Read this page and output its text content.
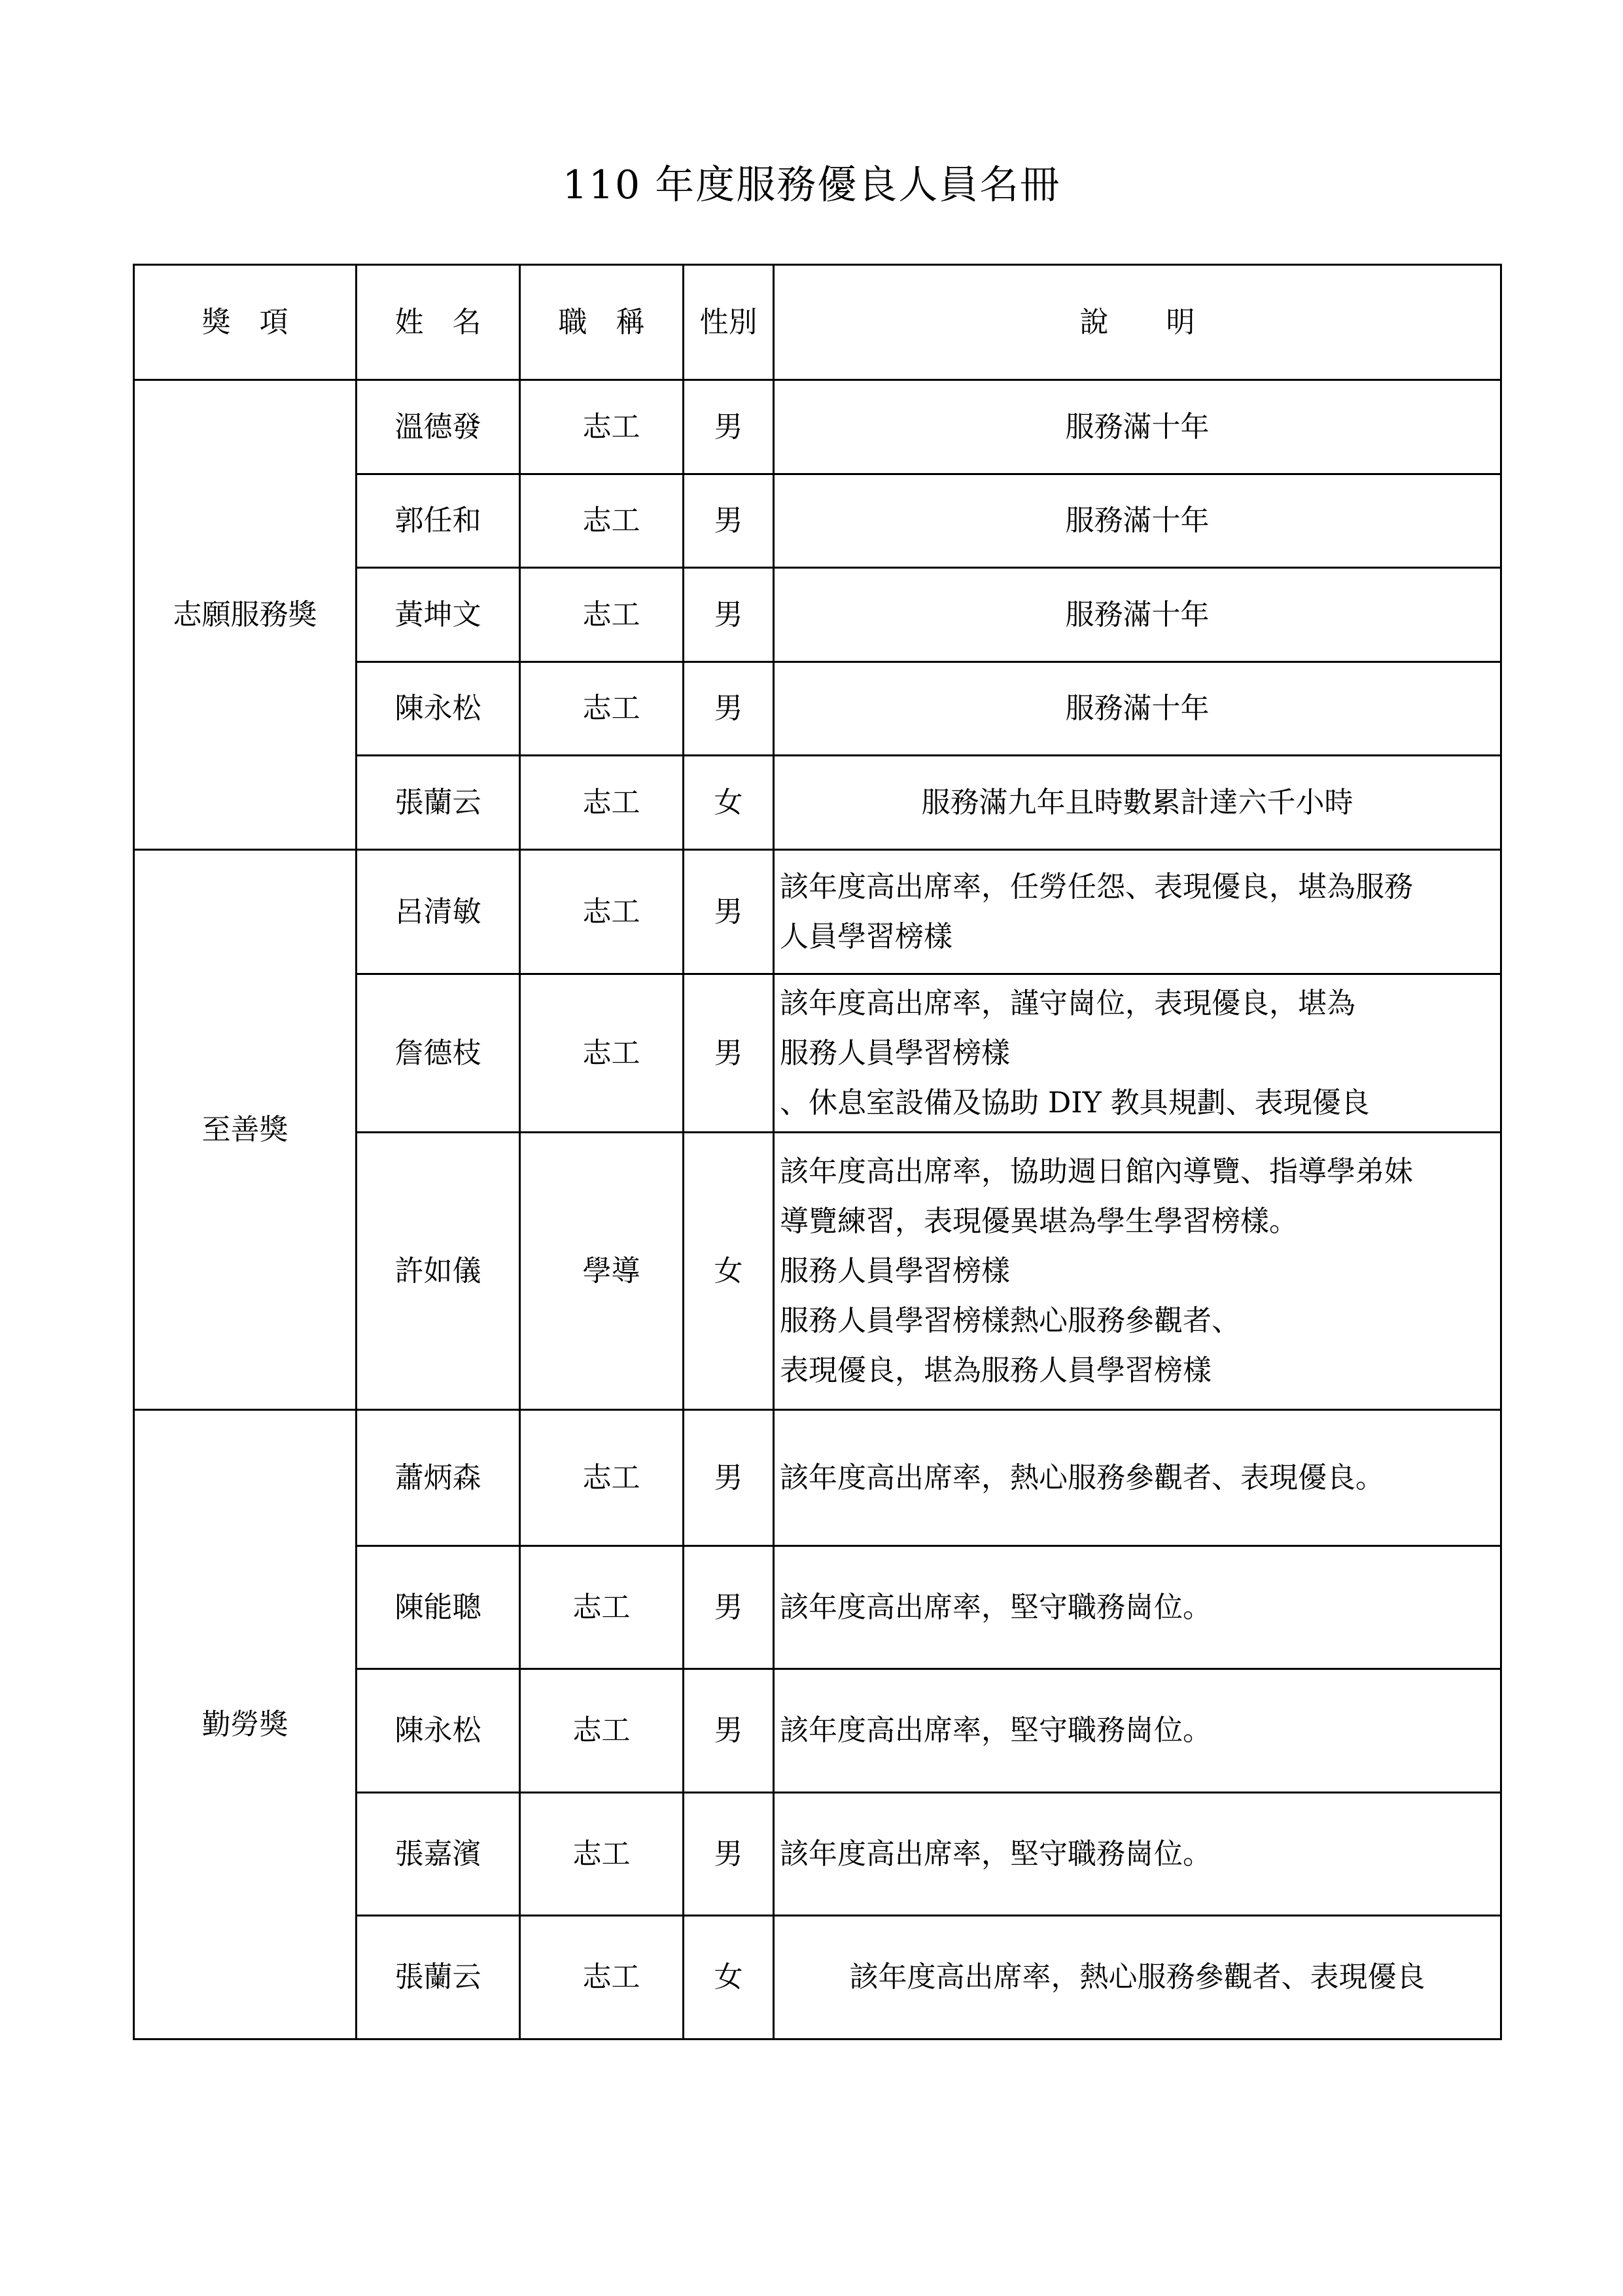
110 年度服務優良人員名冊
獎　項	姓　名	職　稱	性別	說　　明
志願服務獎	溫德發	志工	男	服務滿十年

	郭任和	志工	男	服務滿十年

	黃坤文	志工	男	服務滿十年

	陳永松	志工	男	服務滿十年

	張蘭云	志工	女	服務滿九年且時數累計達六千小時

至善獎	呂清敏	志工	男	該年度高出席率，任勞任怨、表現優良，堪為服務
人員學習榜樣

	詹德枝	志工	男	該年度高出席率，謹守崗位，表現優良，堪為
服務人員學習榜樣
、休息室設備及協助 DIY 教具規劃、表現優良

	許如儀	學導	女	該年度高出席率，協助週日館內導覽、指導學弟妹
導覽練習，表現優異堪為學生學習榜樣。
服務人員學習榜樣
服務人員學習榜樣熱心服務參觀者、
表現優良，堪為服務人員學習榜樣

勤勞獎	蕭炳森	志工	男	該年度高出席率，熱心服務參觀者、表現優良。

	陳能聰	志工	男	該年度高出席率，堅守職務崗位。

	陳永松	志工	男	該年度高出席率，堅守職務崗位。

	張嘉濱	志工	男	該年度高出席率，堅守職務崗位。

	張蘭云	志工	女	該年度高出席率，熱心服務參觀者、表現優良
